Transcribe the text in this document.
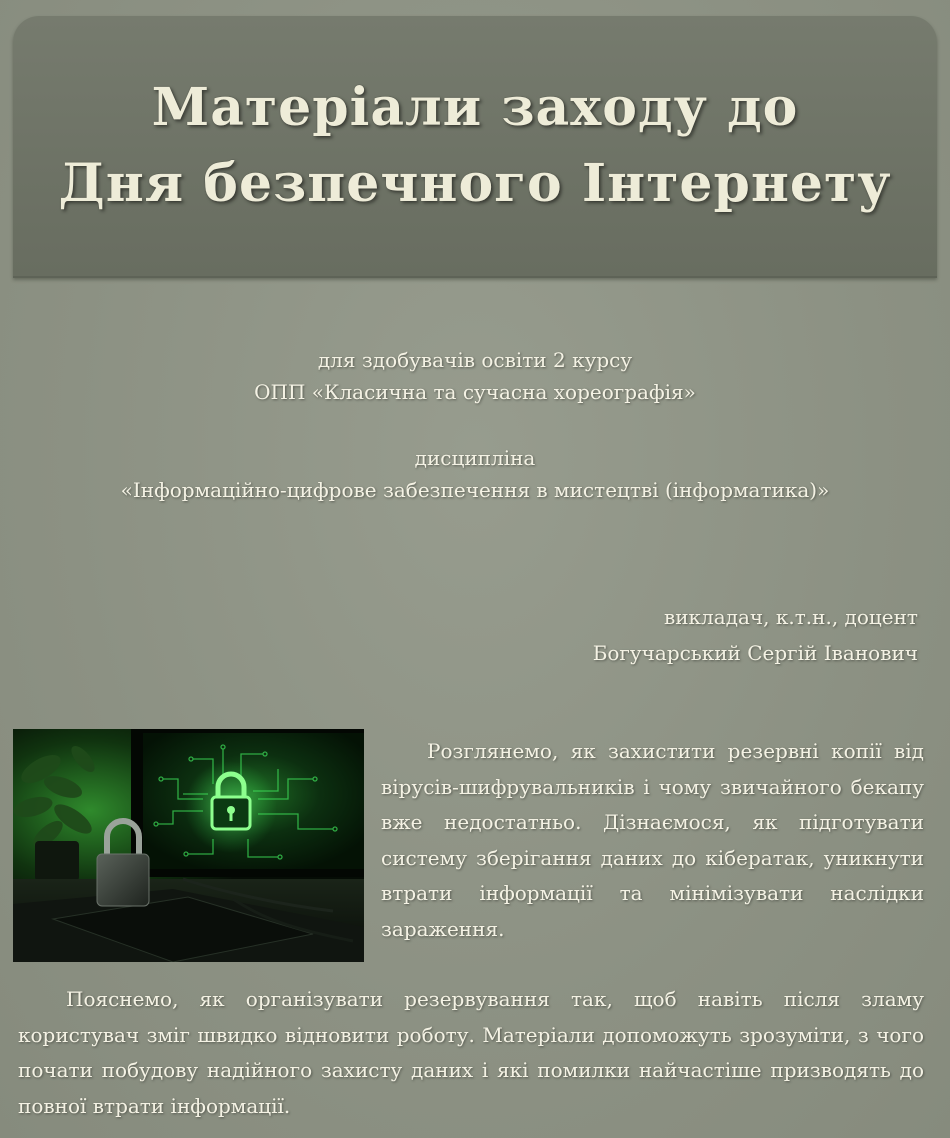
Матеріали заходу до
Дня безпечного Інтернету
для здобувачів освіти 2 курсу
ОПП «Класична та сучасна хореографія»
дисципліна
«Інформаційно-цифрове забезпечення в мистецтві (інформатика)»
викладач, к.т.н., доцент
Богучарський Сергій Іванович

Розглянемо, як захистити резервні копії від вірусів-шифрувальників і чому звичайного бекапу вже недостатньо. Дізнаємося, як підготувати систему зберігання даних до кібератак, уникнути втрати інформації та мінімізувати наслідки зараження.

Пояснемо, як організувати резервування так, щоб навіть після зламу користувач зміг швидко відновити роботу. Матеріали допоможуть зрозуміти, з чого почати побудову надійного захисту даних і які помилки найчастіше призводять до повної втрати інформації.
